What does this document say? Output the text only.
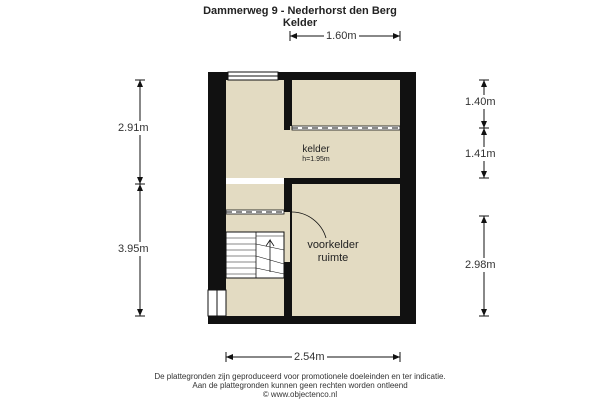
Dammerweg 9 - Nederhorst den Berg
Kelder
1.60m
2.54m
2.91m
3.95m
1.40m
1.41m
2.98m
kelder
h=1.95m
voorkelder
ruimte
De plattegronden zijn geproduceerd voor promotionele doeleinden en ter indicatie.
Aan de plattegronden kunnen geen rechten worden ontleend
© www.objectenco.nl
